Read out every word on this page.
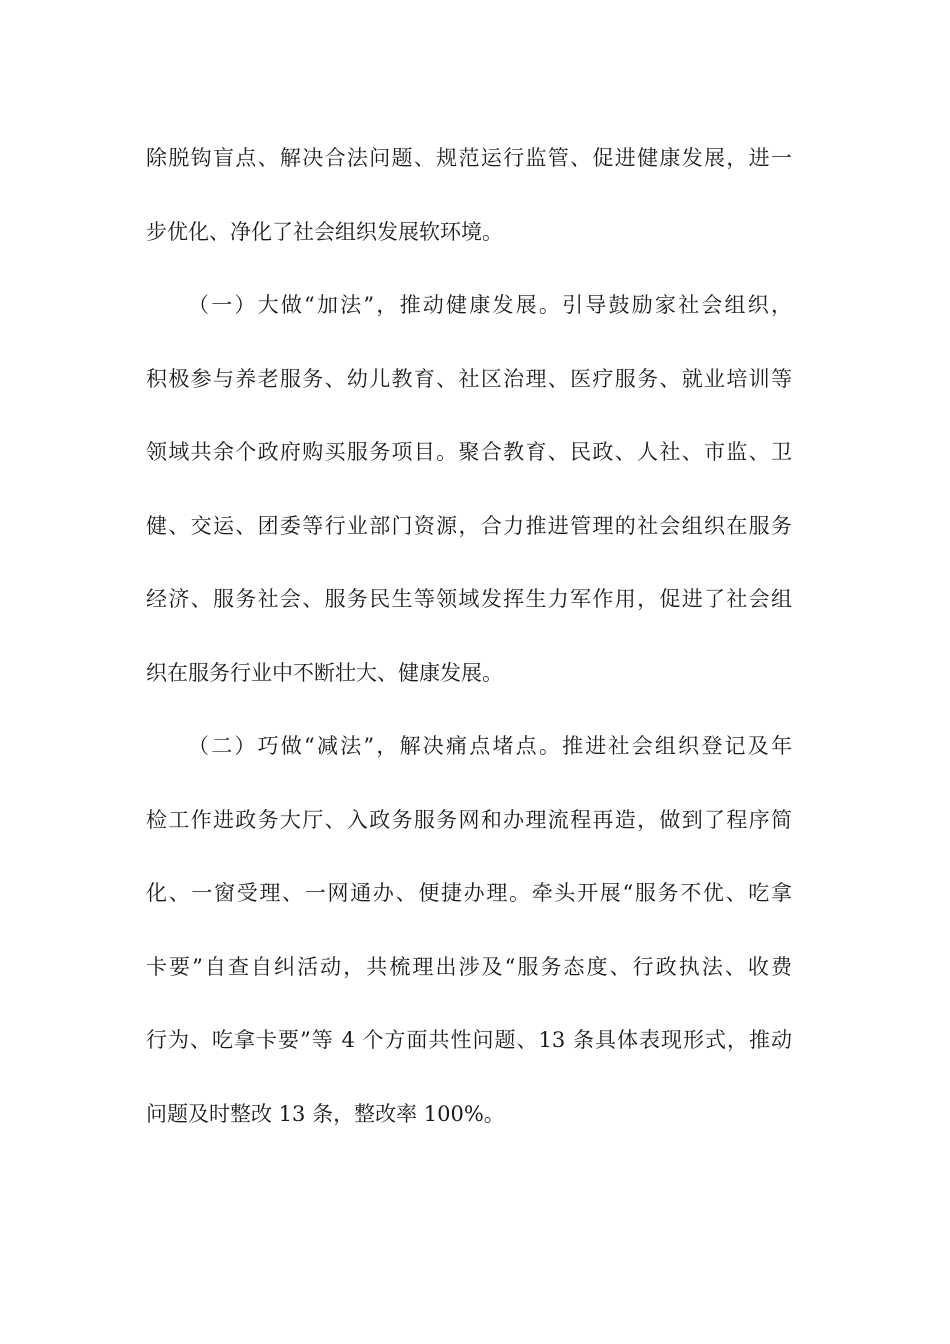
除脱钩盲点、解决合法问题、规范运行监管、促进健康发展，进一
步优化、净化了社会组织发展软环境。
（一）大做“加法”，推动健康发展。引导鼓励家社会组织，
积极参与养老服务、幼儿教育、社区治理、医疗服务、就业培训等
领域共余个政府购买服务项目。聚合教育、民政、人社、市监、卫
健、交运、团委等行业部门资源，合力推进管理的社会组织在服务
经济、服务社会、服务民生等领域发挥生力军作用，促进了社会组
织在服务行业中不断壮大、健康发展。
（二）巧做“减法”，解决痛点堵点。推进社会组织登记及年
检工作进政务大厅、入政务服务网和办理流程再造，做到了程序简
化、一窗受理、一网通办、便捷办理。牵头开展“服务不优、吃拿
卡要”自查自纠活动，共梳理出涉及“服务态度、行政执法、收费
行为、吃拿卡要”等 4 个方面共性问题、13 条具体表现形式，推动
问题及时整改 13 条，整改率 100%。
